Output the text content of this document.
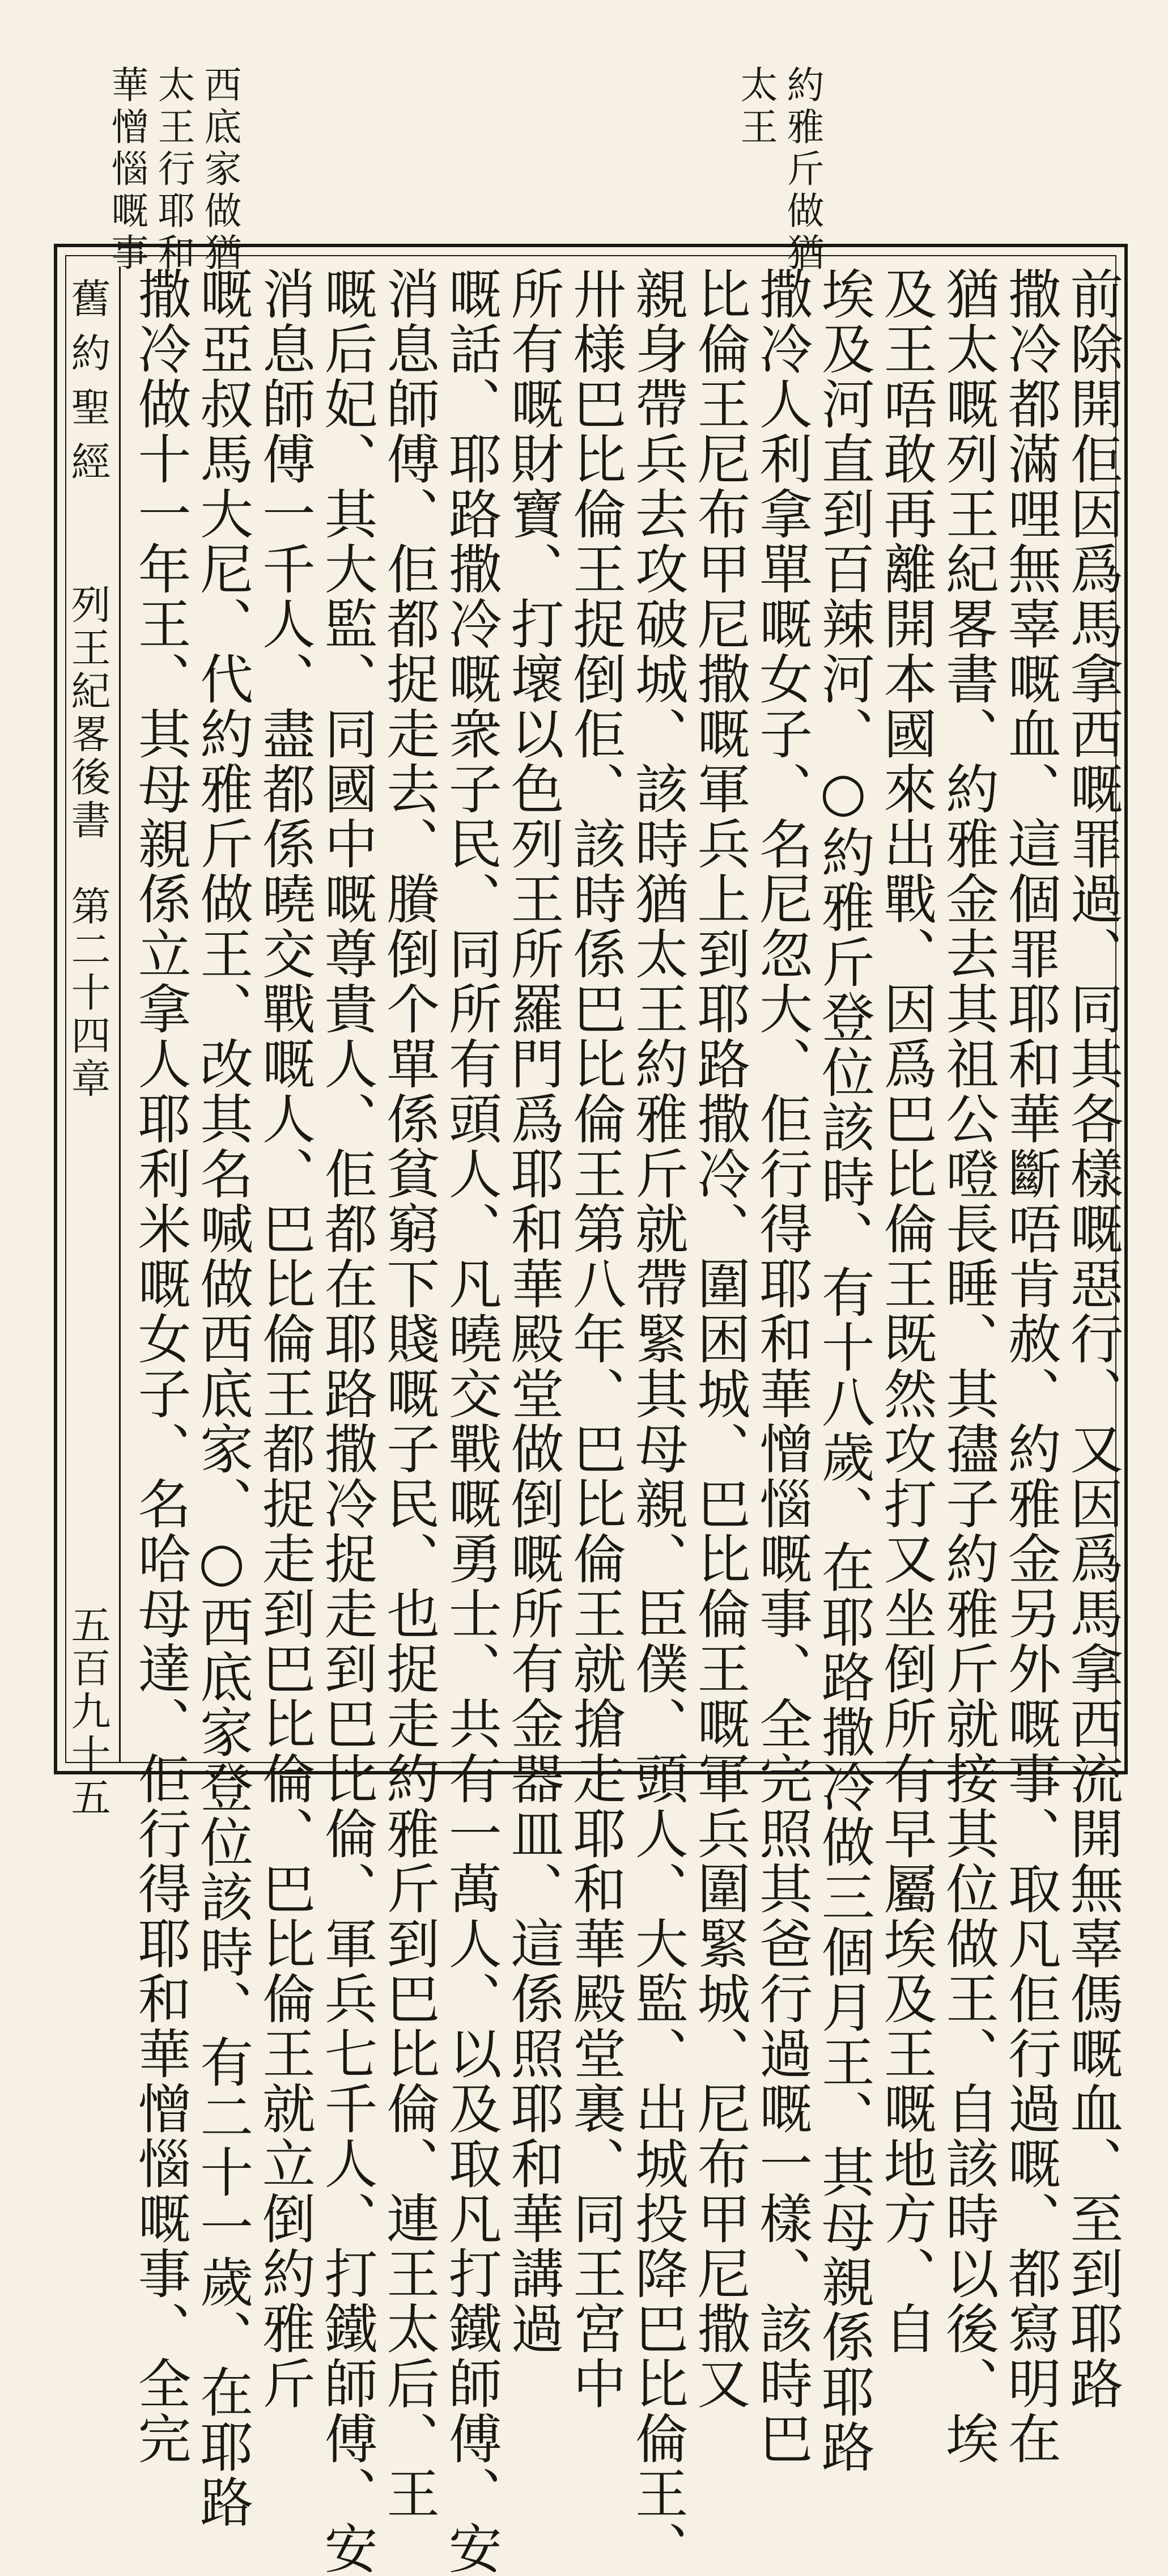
約雅斤做猶
太王
西底家做猶
太王行耶和
華憎惱嘅事
舊約聖經
列王紀畧後書　第二十四章
五百九十五	前除開佢因爲馬拿西嘅罪過、同其各樣嘅惡行、又因爲馬拿西流開無辜傌嘅血、至到耶路
撒冷都滿哩無辜嘅血、這個罪耶和華斷唔肯赦、約雅金另外嘅事、取凡佢行過嘅、都寫明在
猶太嘅列王紀畧書、約雅金去其祖公噔長睡、其孻子約雅斤就接其位做王、自該時以後、埃
及王唔敢再離開本國來出戰、因爲巴比倫王既然攻打又坐倒所有早屬埃及王嘅地方、自
埃及河直到百辣河、○約雅斤登位該時、有十八歲、在耶路撒冷做三個月王、其母親係耶路
撒冷人利拿單嘅女子、名尼忽大、佢行得耶和華憎惱嘅事、全完照其爸行過嘅一樣、該時巴
比倫王尼布甲尼撒嘅軍兵上到耶路撒冷、圍困城、巴比倫王嘅軍兵圍緊城、尼布甲尼撒又
親身帶兵去攻破城、該時猶太王約雅斤就帶緊其母親、臣僕、頭人、大監、出城投降巴比倫王、
卅様巴比倫王捉倒佢、該時係巴比倫王第八年、巴比倫王就搶走耶和華殿堂裏、同王宮中
所有嘅財寶、打壞以色列王所羅門爲耶和華殿堂做倒嘅所有金器皿、這係照耶和華講過
嘅話、耶路撒冷嘅衆子民、同所有頭人、凡曉交戰嘅勇士、共有一萬人、以及取凡打鐵師傅、安
消息師傅、佢都捉走去、賸倒个單係貧窮下賤嘅子民、也捉走約雅斤到巴比倫、連王太后、王
嘅后妃、其大監、同國中嘅尊貴人、佢都在耶路撒冷捉走到巴比倫、軍兵七千人、打鐵師傅、安
消息師傅一千人、盡都係曉交戰嘅人、巴比倫王都捉走到巴比倫、巴比倫王就立倒約雅斤
嘅亞叔馬大尼、代約雅斤做王、改其名喊做西底家、○西底家登位該時、有二十一歲、在耶路
撒冷做十一年王、其母親係立拿人耶利米嘅女子、名哈母達、佢行得耶和華憎惱嘅事、全完
